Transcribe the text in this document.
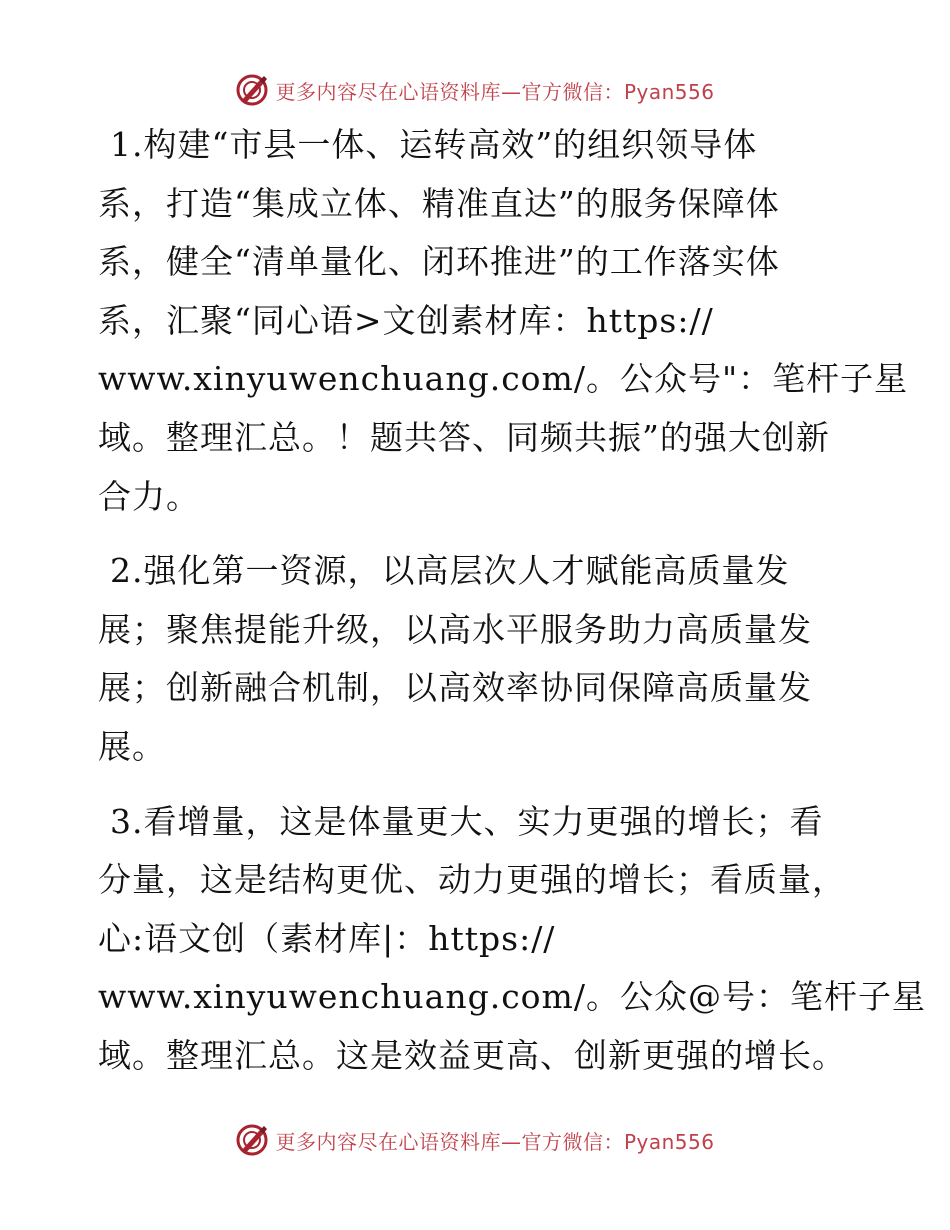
更多内容尽在心语资料库—官方微信：Pyan556
1.构建“市县一体、运转高效”的组织领导体
系，打造“集成立体、精准直达”的服务保障体
系，健全“清单量化、闭环推进”的工作落实体
系，汇聚“同心语>文创素材库：https://
www.xinyuwenchuang.com/。公众号"：笔杆子星
域。整理汇总。！题共答、同频共振”的强大创新
合力。
2.强化第一资源，以高层次人才赋能高质量发
展；聚焦提能升级，以高水平服务助力高质量发
展；创新融合机制，以高效率协同保障高质量发
展。
3.看增量，这是体量更大、实力更强的增长；看
分量，这是结构更优、动力更强的增长；看质量，
心:语文创（素材库|：https://
www.xinyuwenchuang.com/。公众@号：笔杆子星
域。整理汇总。这是效益更高、创新更强的增长。
更多内容尽在心语资料库—官方微信：Pyan556
